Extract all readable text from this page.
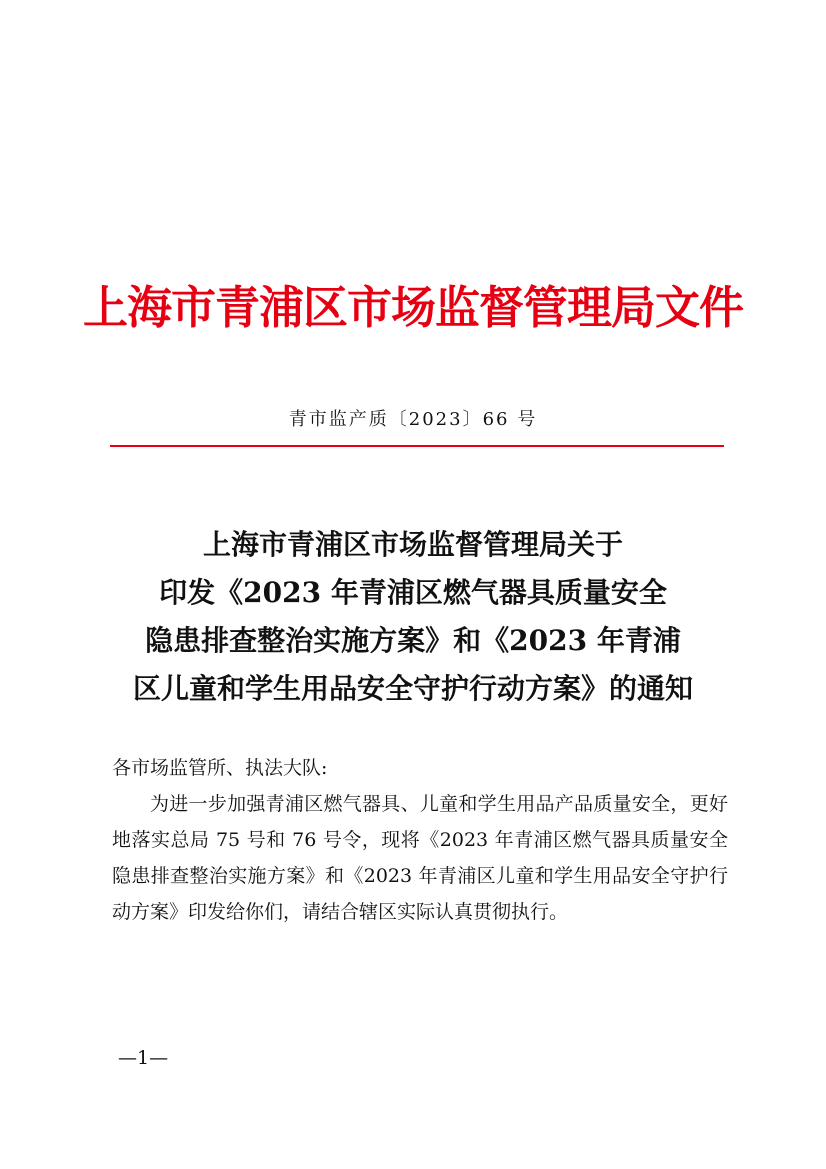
上海市青浦区市场监督管理局文件
青市监产质〔2023〕66 号
上海市青浦区市场监督管理局关于
印发《2023 年青浦区燃气器具质量安全
隐患排查整治实施方案》和《2023 年青浦
区儿童和学生用品安全守护行动方案》的通知
各市场监管所、执法大队:
为进一步加强青浦区燃气器具、儿童和学生用品产品质量安全，更好地落实总局 75 号和 76 号令，现将《2023 年青浦区燃气器具质量安全隐患排查整治实施方案》和《2023 年青浦区儿童和学生用品安全守护行动方案》印发给你们，请结合辖区实际认真贯彻执行。
—1—
